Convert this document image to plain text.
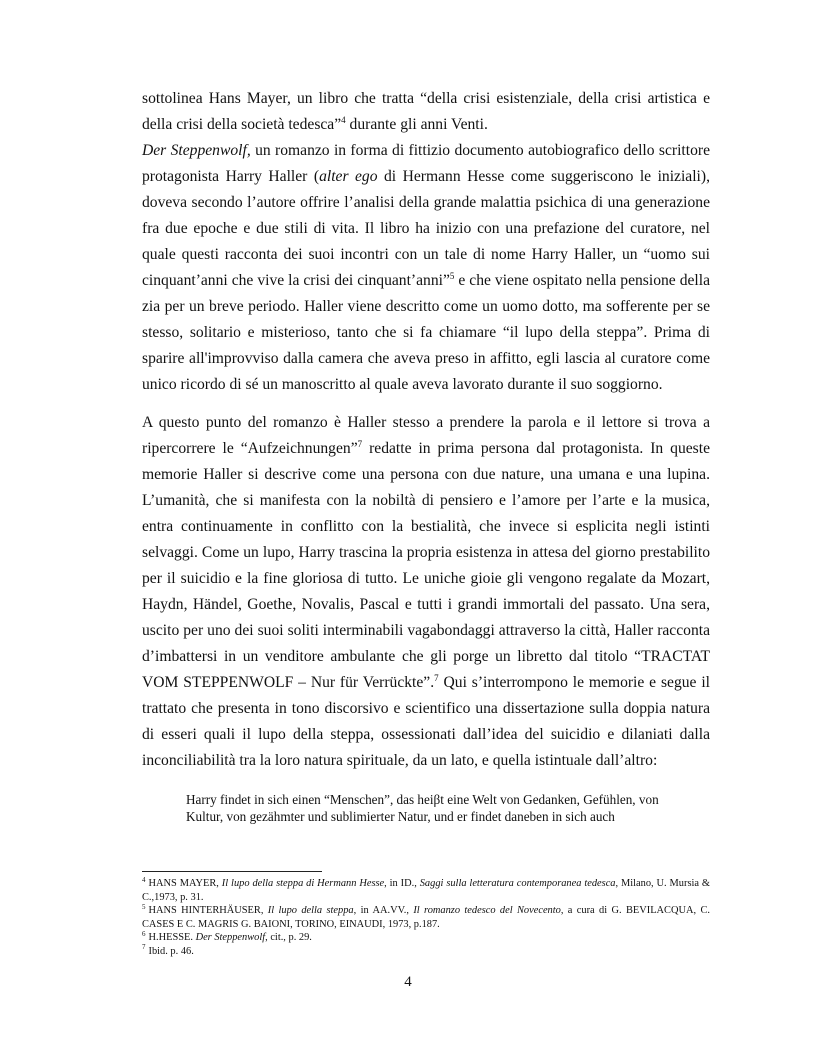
sottolinea Hans Mayer, un libro che tratta “della crisi esistenziale, della crisi artistica e della crisi della società tedesca”$^4$ durante gli anni Venti.

Der Steppenwolf, un romanzo in forma di fittizio documento autobiografico dello scrittore protagonista Harry Haller (alter ego di Hermann Hesse come suggeriscono le iniziali), doveva secondo l’autore offrire l’analisi della grande malattia psichica di una generazione fra due epoche e due stili di vita. Il libro ha inizio con una prefazione del curatore, nel quale questi racconta dei suoi incontri con un tale di nome Harry Haller, un “uomo sui cinquant’anni che vive la crisi dei cinquant’anni”$^5$ e che viene ospitato nella pensione della zia per un breve periodo. Haller viene descritto come un uomo dotto, ma sofferente per se stesso, solitario e misterioso, tanto che si fa chiamare “il lupo della steppa”. Prima di sparire all'improvviso dalla camera che aveva preso in affitto, egli lascia al curatore come unico ricordo di sé un manoscritto al quale aveva lavorato durante il suo soggiorno.

A questo punto del romanzo è Haller stesso a prendere la parola e il lettore si trova a ripercorrere le “Aufzeichnungen”$^7$ redatte in prima persona dal protagonista. In queste memorie Haller si descrive come una persona con due nature, una umana e una lupina. L’umanità, che si manifesta con la nobiltà di pensiero e l’amore per l’arte e la musica, entra continuamente in conflitto con la bestialità, che invece si esplicita negli istinti selvaggi. Come un lupo, Harry trascina la propria esistenza in attesa del giorno prestabilito per il suicidio e la fine gloriosa di tutto. Le uniche gioie gli vengono regalate da Mozart, Haydn, Händel, Goethe, Novalis, Pascal e tutti i grandi immortali del passato. Una sera, uscito per uno dei suoi soliti interminabili vagabondaggi attraverso la città, Haller racconta d’imbattersi in un venditore ambulante che gli porge un libretto dal titolo “TRACTAT VOM STEPPENWOLF – Nur für Verrückte”.$^7$ Qui s’interrompono le memorie e segue il trattato che presenta in tono discorsivo e scientifico una dissertazione sulla doppia natura di esseri quali il lupo della steppa, ossessionati dall’idea del suicidio e dilaniati dalla inconciliabilità tra la loro natura spirituale, da un lato, e quella istintuale dall’altro:

Harry findet in sich einen “Menschen”, das heiβt eine Welt von Gedanken, Gefühlen, von Kultur, von gezähmter und sublimierter Natur, und er findet daneben in sich auch

$^4$ HANS MAYER, Il lupo della steppa di Hermann Hesse, in ID., Saggi sulla letteratura contemporanea tedesca, Milano, U. Mursia & C.,1973, p. 31.

$^5$ HANS HINTERHÄUSER, Il lupo della steppa, in AA.VV., Il romanzo tedesco del Novecento, a cura di G. BEVILACQUA, C. CASES E C. MAGRIS G. BAIONI, TORINO, EINAUDI, 1973, p.187.

$^6$ H.HESSE. Der Steppenwolf, cit., p. 29.

$^7$ Ibid. p. 46.

4
